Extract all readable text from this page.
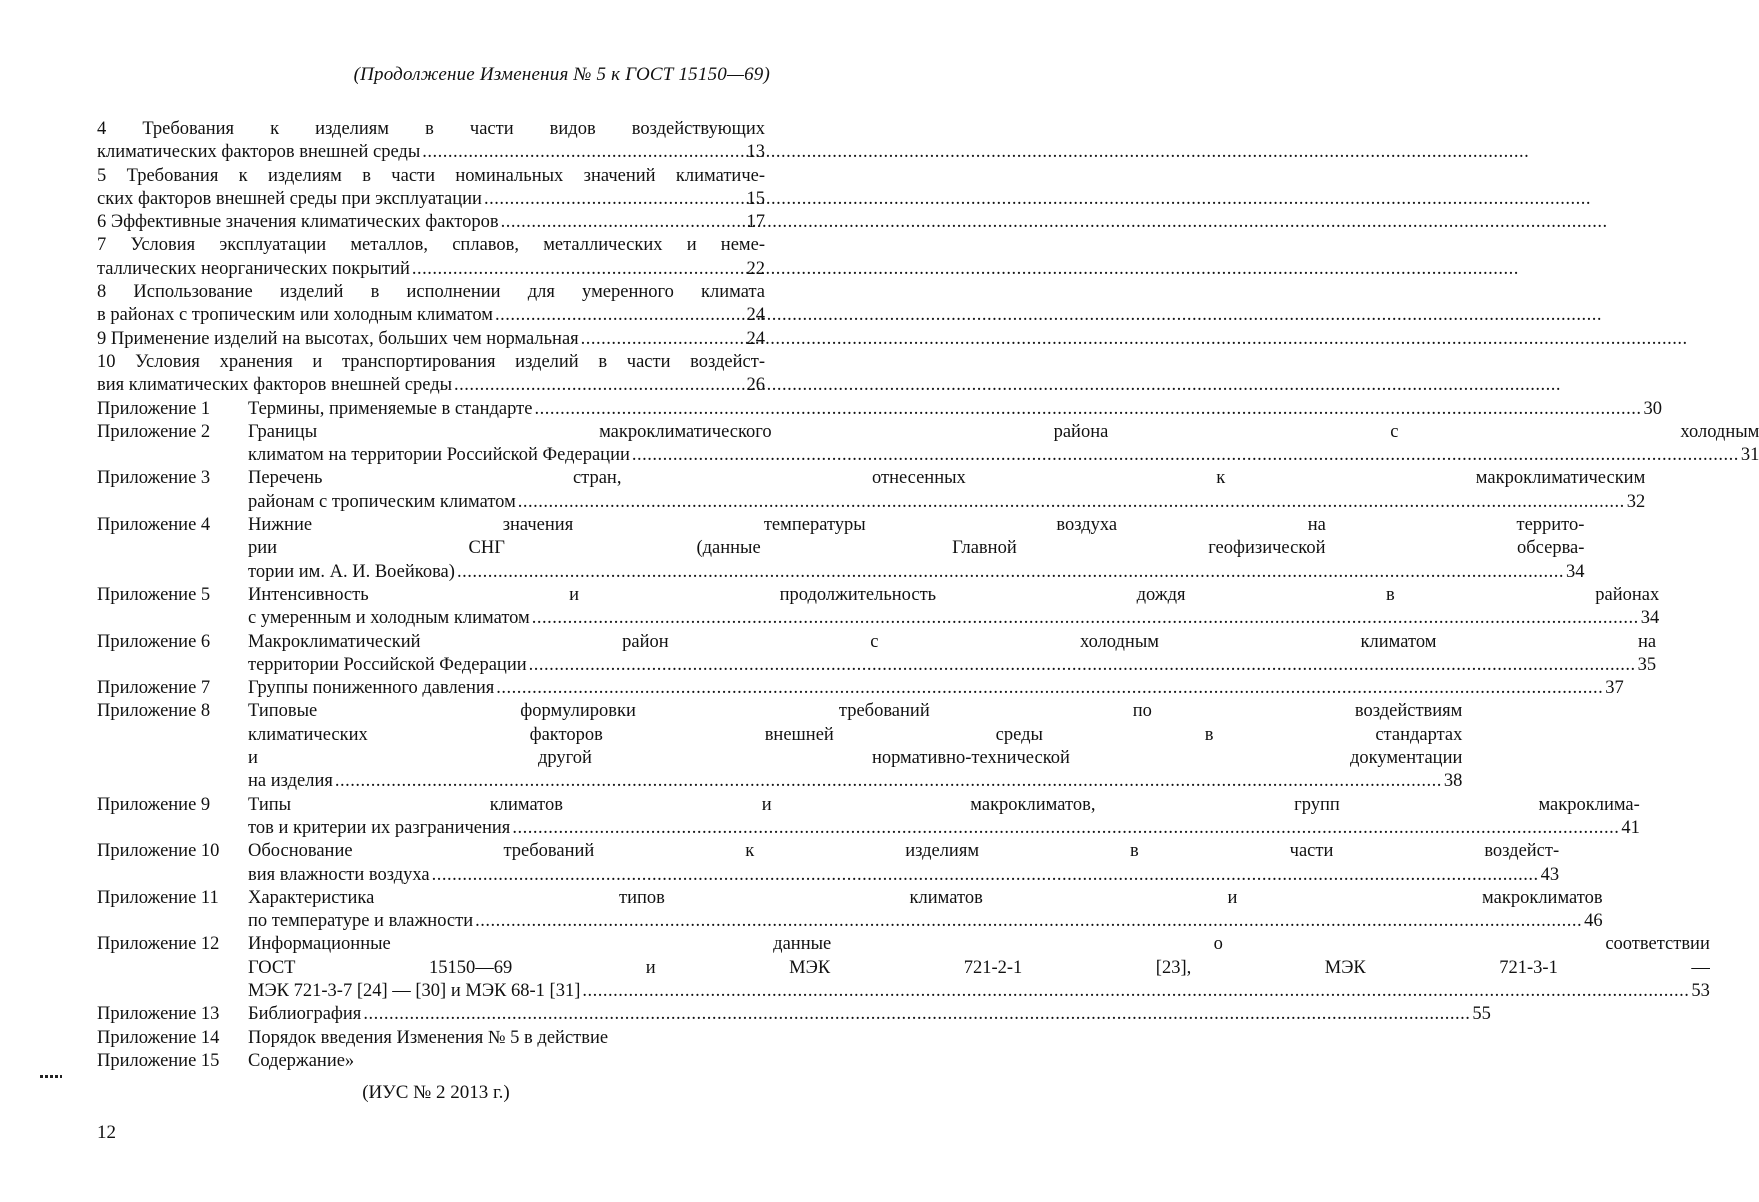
(Продолжение Изменения № 5 к ГОСТ 15150—69)
4 Требования к изделиям в части видов воздействующих
климатических факторов внешней среды .....	13
5 Требования к изделиям в части номинальных значений климатиче-
ских факторов внешней среды при эксплуатации .....	15
6 Эффективные значения климатических факторов .....	17
7 Условия эксплуатации металлов, сплавов, металлических и неме-
таллических неорганических покрытий .....	22
8 Использование изделий в исполнении для умеренного климата
в районах с тропическим или холодным климатом .....	24
9 Применение изделий на высотах, больших чем нормальная .....	24
10 Условия хранения и транспортирования изделий в части воздейст-
вия климатических факторов внешней среды .....	26
Приложение 1	Термины, применяемые в стандарте .....	30
Приложение 2	Границы макроклиматического района с холодным
климатом на территории Российской Федерации .....	31
Приложение 3	Перечень стран, отнесенных к макроклиматическим
районам с тропическим климатом .....	32
Приложение 4	Нижние значения температуры воздуха на террито-
рии СНГ (данные Главной геофизической обсерва-
тории им. А. И. Воейкова) .....	34
Приложение 5	Интенсивность и продолжительность дождя в районах
с умеренным и холодным климатом .....	34
Приложение 6	Макроклиматический район с холодным климатом на
территории Российской Федерации .....	35
Приложение 7	Группы пониженного давления .....	37
Приложение 8	Типовые формулировки требований по воздействиям
климатических факторов внешней среды в стандартах
и другой нормативно-технической документации
на изделия .....	38
Приложение 9	Типы климатов и макроклиматов, групп макроклима-
тов и критерии их разграничения .....	41
Приложение 10	Обоснование требований к изделиям в части воздейст-
вия влажности воздуха .....	43
Приложение 11	Характеристика типов климатов и макроклиматов
по температуре и влажности .....	46
Приложение 12	Информационные данные о соответствии
ГОСТ 15150—69 и МЭК 721-2-1 [23], МЭК 721-3-1 —
МЭК 721-3-7 [24] — [30] и МЭК 68-1 [31] .....	53
Приложение 13	Библиография .....	55
Приложение 14	Порядок введения Изменения № 5 в действие
Приложение 15	Содержание»
(ИУС № 2 2013 г.)
12
